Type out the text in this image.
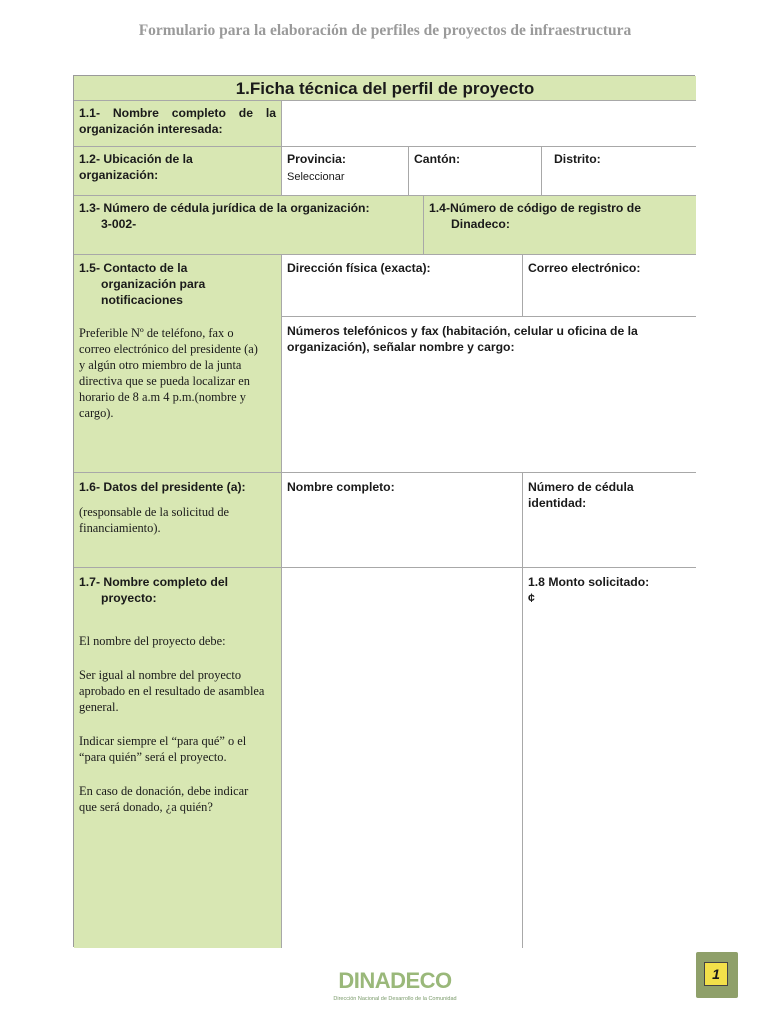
Formulario para la elaboración de perfiles de proyectos de infraestructura
1.Ficha técnica del perfil de proyecto
1.1- Nombre completo de la organización interesada:
1.2- Ubicación de la organización:
Provincia:
Seleccionar
Cantón:	Distrito:
1.3- Número de cédula jurídica de la organización:
3-002-
1.4-Número de código de registro de Dinadeco:
1.5- Contacto de la organización para notificaciones
Preferible Nº de teléfono, fax o correo electrónico del presidente (a) y algún otro miembro de la junta directiva que se pueda localizar en horario de 8 a.m 4 p.m.(nombre y cargo).
Dirección física (exacta):	Correo electrónico:
Números telefónicos y fax (habitación, celular u oficina de la organización), señalar nombre y cargo:
1.6- Datos del presidente (a):
(responsable de la solicitud de financiamiento).
Nombre completo:	Número de cédula identidad:
1.7- Nombre completo del proyecto:
El nombre del proyecto debe:
Ser igual al nombre del proyecto aprobado en el resultado de asamblea general.
Indicar siempre el “para qué” o el “para quién” será el proyecto.
En caso de donación, debe indicar que será donado, ¿a quién?
1.8 Monto solicitado:
¢
DINADECO
Dirección Nacional de Desarrollo de la Comunidad
1
